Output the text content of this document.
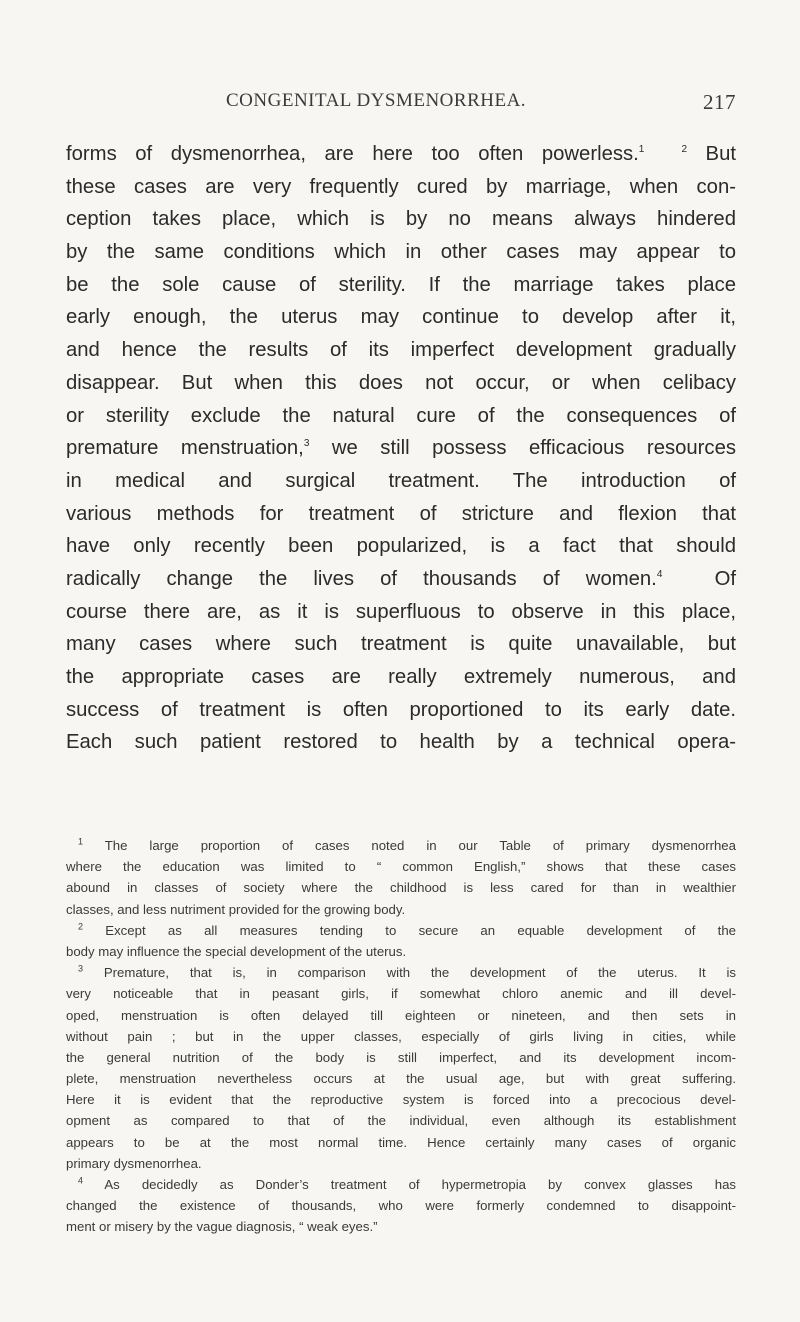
CONGENITAL DYSMENORRHEA.	217
forms of dysmenorrhea, are here too often powerless.$^1$	$^2$ But
these cases are very frequently cured by marriage, when con-
ception takes place, which is by no means always hindered
by the same conditions which in other cases may appear to
be the sole cause of sterility. If the marriage takes place
early enough, the uterus may continue to develop after it,
and hence the results of its imperfect development gradually
disappear. But when this does not occur, or when celibacy
or sterility exclude the natural cure of the consequences of
premature menstruation,$^3$ we still possess efficacious resources
in medical and surgical treatment. The introduction of
various methods for treatment of stricture and flexion that
have only recently been popularized, is a fact that should
radically change the lives of thousands of women.$^4$	Of
course there are, as it is superfluous to observe in this place,
many cases where such treatment is quite unavailable, but
the appropriate cases are really extremely numerous, and
success of treatment is often proportioned to its early date.
Each such patient restored to health by a technical opera-
$^1$ The large proportion of cases noted in our Table of primary dysmenorrhea
where the education was limited to “ common English,” shows that these cases
abound in classes of society where the childhood is less cared for than in wealthier
classes, and less nutriment provided for the growing body.
$^2$ Except as all measures tending to secure an equable development of the
body may influence the special development of the uterus.
$^3$ Premature, that is, in comparison with the development of the uterus. It is
very noticeable that in peasant girls, if somewhat chloro anemic and ill devel-
oped, menstruation is often delayed till eighteen or nineteen, and then sets in
without pain ; but in the upper classes, especially of girls living in cities, while
the general nutrition of the body is still imperfect, and its development incom-
plete, menstruation nevertheless occurs at the usual age, but with great suffering.
Here it is evident that the reproductive system is forced into a precocious devel-
opment as compared to that of the individual, even although its establishment
appears to be at the most normal time. Hence certainly many cases of organic
primary dysmenorrhea.
$^4$ As decidedly as Donder’s treatment of hypermetropia by convex glasses has
changed the existence of thousands, who were formerly condemned to disappoint-
ment or misery by the vague diagnosis, “ weak eyes.”
